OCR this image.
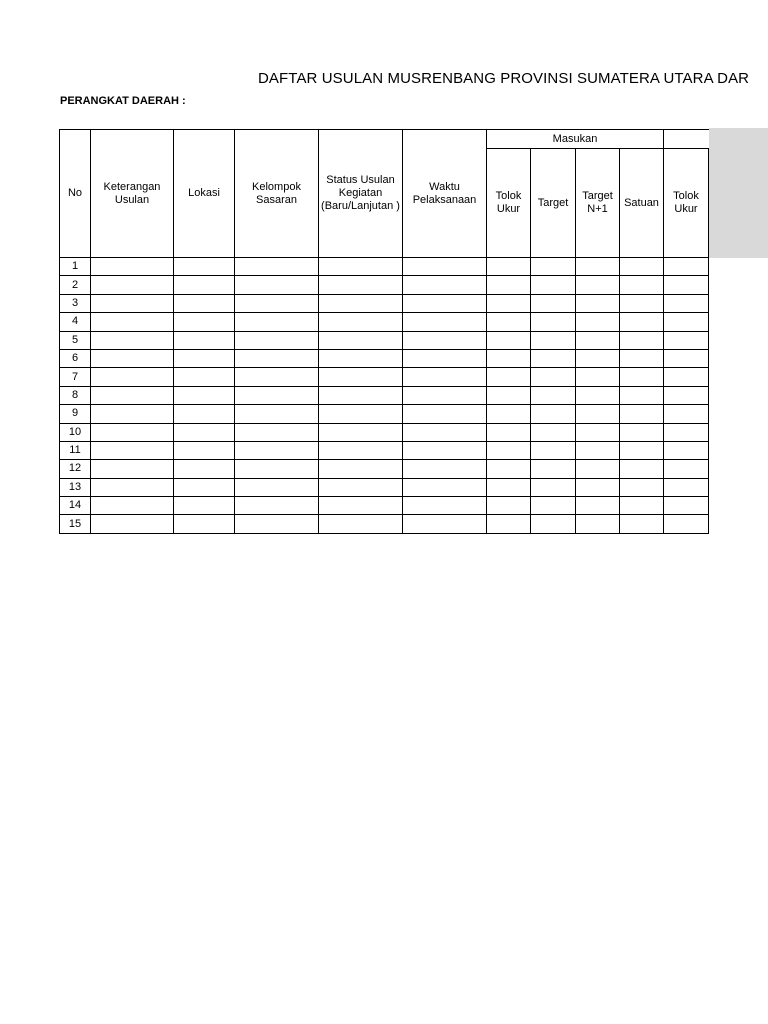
DAFTAR USULAN MUSRENBANG PROVINSI SUMATERA UTARA DAR
PERANGKAT DAERAH :
No	Keterangan Usulan	Lokasi	Kelompok Sasaran	Status Usulan Kegiatan (Baru/Lanjutan )	Waktu Pelaksanaan	Masukan				
						Tolok Ukur	Target	Target N+1	Satuan	Tolok Ukur
1										
2										
3										
4										
5										
6										
7										
8										
9										
10										
11										
12										
13										
14										
15										
